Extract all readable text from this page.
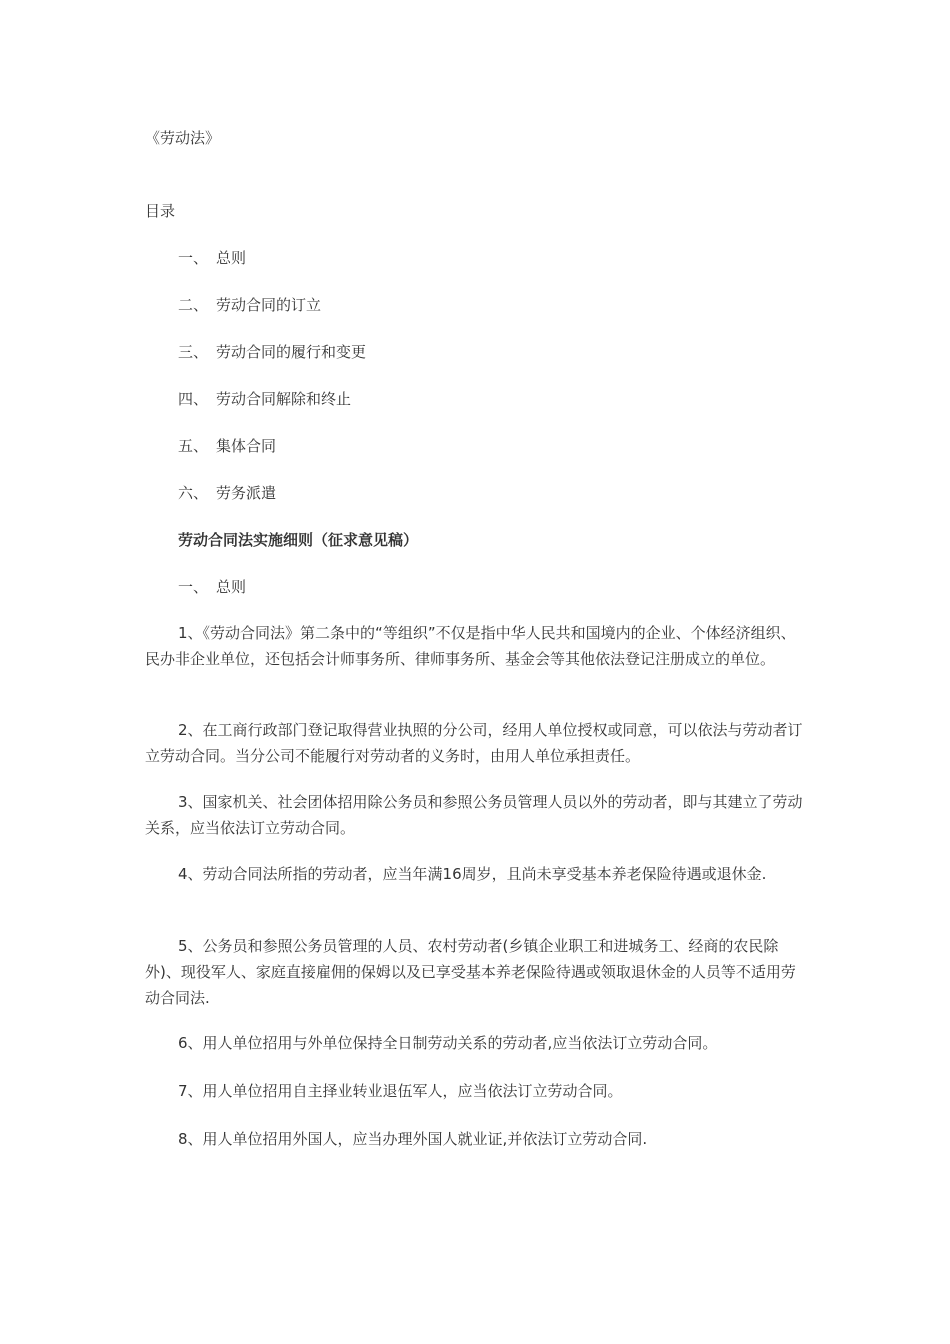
《劳动法》
目录
一、 总则
二、 劳动合同的订立
三、 劳动合同的履行和变更
四、 劳动合同解除和终止
五、 集体合同
六、 劳务派遣
劳动合同法实施细则（征求意见稿）
一、 总则

1、《劳动合同法》第二条中的“等组织”不仅是指中华人民共和国境内的企业、个体经济组织、民办非企业单位，还包括会计师事务所、律师事务所、基金会等其他依法登记注册成立的单位。

2、在工商行政部门登记取得营业执照的分公司，经用人单位授权或同意，可以依法与劳动者订立劳动合同。当分公司不能履行对劳动者的义务时，由用人单位承担责任。

3、国家机关、社会团体招用除公务员和参照公务员管理人员以外的劳动者，即与其建立了劳动关系，应当依法订立劳动合同。

4、劳动合同法所指的劳动者，应当年满16周岁，且尚未享受基本养老保险待遇或退休金.

5、公务员和参照公务员管理的人员、农村劳动者(乡镇企业职工和进城务工、经商的农民除外)、现役军人、家庭直接雇佣的保姆以及已享受基本养老保险待遇或领取退休金的人员等不适用劳动合同法.

6、用人单位招用与外单位保持全日制劳动关系的劳动者,应当依法订立劳动合同。

7、用人单位招用自主择业转业退伍军人，应当依法订立劳动合同。

8、用人单位招用外国人，应当办理外国人就业证,并依法订立劳动合同.
